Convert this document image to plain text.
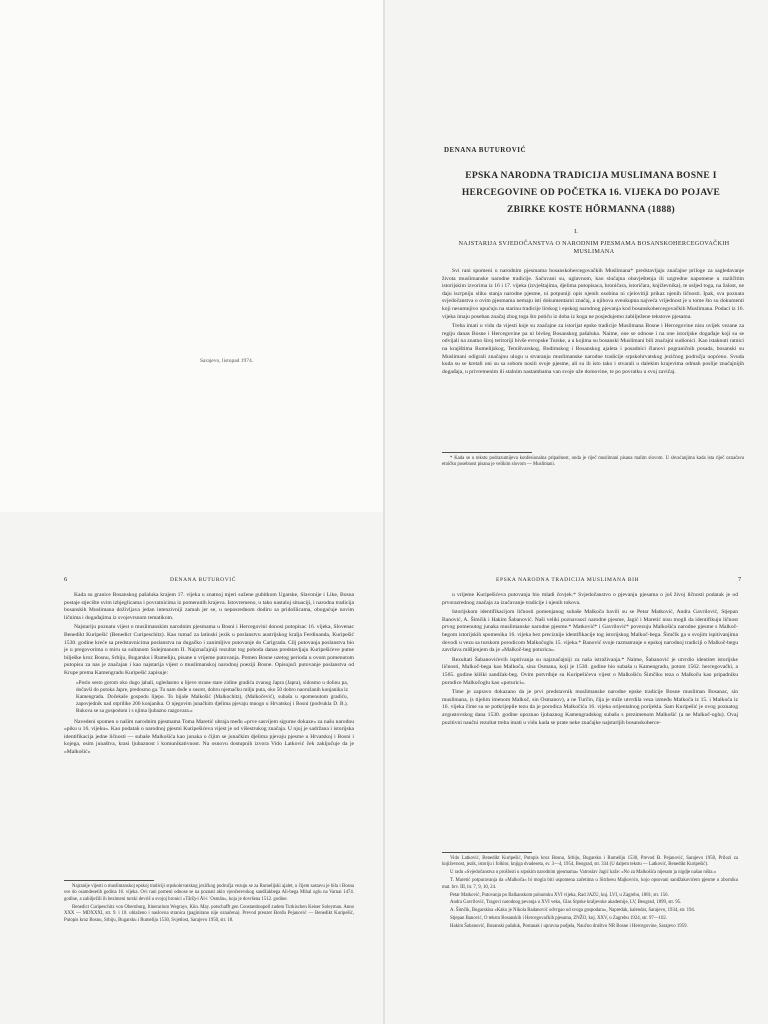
Sarajevo, listopad 1974.
DENANA BUTUROVIĆ
EPSKA NARODNA TRADICIJA MUSLIMANA BOSNE I HERCEGOVINE OD POČETKA 16. VIJEKA DO POJAVE ZBIRKE KOSTE HÖRMANNA (1888)
I.
NAJSTARIJA SVJEDOČANSTVA O NARODNIM PJESMAMA BOSANSKOHERCEGOVAČKIH MUSLIMANA

Svi rani spomeni o narodnim pjesmama bosanskohercegovačkih Muslimana* predstavljaju značajne priloge za sagledavanje života muslimanske narodne tradicije. Sačuvani su, uglavnom, kao slučajna obavještenja ili uzgredne napomene u različitim istorijskim izvorima iz 16 i 17. vijeka (izvještajima, djelima putopisaca, hroničara, istoričara, književnika), te usljed toga, na žalost, ne daju iscrpniju sliku stanja narodne pjesme, ni potpuniji opis njenih osobina ni cjelovitiji prikaz njenih ličnosti. Ipak, sva poznata svjedočanstva o ovim pjesmama nemaju isti dokumentarni značaj, a njihova sveukupna najveća vrijednost je u tome što su dokumenti koji nesumnjivo upućuju na starinu tradicije lirskog i epskog narodnog pjevanja kod bosanskohercegovačkih Muslimana. Podaci iz 16. vijeka imaju poseban značaj zbog toga što potiču iz doba iz koga ne posjedujemo zabilježene tekstove pjesama.

Treba imati u vidu da vijesti koje su značajne za istorijat epske tradicije Muslimana Bosne i Hercegovine nisu uvijek vezane za regiju danas Bosne i Hercegovine pa ni bivšeg Bosanskog pašaluka. Naime, one se odnose i na one istorijske događaje koji su se odvijali na znatno široj teritoriji bivše evropske Turske, a u kojima su bosanski Muslimani bili značajni sudionici. Kao istaknuti ratnici na krajištima Rumelijskog, Temišvarskog, Budimskog i Bosanskog ajaleta i posadnici članovi pograničnih posada, bosanski su Muslimani odigrali značajnu ulogu u stvaranju muslimanske narodne tradicije srpskohrvatskog jezičnog područja uopćeno. Svuda kuda su se kretali oni su sa sobom nosili svoje pjesme, ali su ih isto tako i stvarali u dalekim krajevima odmah poslije značajnijih događaja, u privremenim ili stalnim nastambama van svoje uže domovine, te po povratku u svoj zavičaj.

* Kada se u tekstu podrazumijeva konfesionalna pripadnost, onda je riječ muslimani pisana malim slovom. U shvaćanjima kada ista riječ označava etničku posebnost pisana je velikim slovom — Muslimani.

6	DENANA BUTUROVIĆ

Kada su granice Bosanskog pašaluka krajem 17. vijeka u znatnoj mjeri sužene gubitkom Ugarske, Slavonije i Like, Bosna postaje stjecište svim izbjeglicama i povratnicima iz pomenutih krajeva. Istovremeno, u tako nastaloj situaciji, i narodna tradicija bosanskih Muslimana doživljava jedan intenzivniji zamah jer se, u neposrednom dodiru sa pridošlicama, obogaćuje novim ličnima i događajima iz svojevrsnom tematikom.

Najstariju poznatu vijest o muslimanskim narodnim pjesmama u Bosni i Hercegovini donosi putopisac 16. vijeka, Slovenac Benedikt Kuripešić (Benedict Curipeschitz). Kao tumač za latinski jezik u poslanstvu austrijskog kralja Ferdinanda, Kuripešić 1530. godine kreće sa predstavnicima poslanstva na dugačko i zanimljivo putovanje do Carigrada. Cilj putovanja poslanstva bio je u pregovorima o miru sa sultanom Sulejmanom II. Najznačajniji rezultat tog pohoda danas predstavljaju Kuripešićeve putne bilješke kroz Bosnu, Srbiju, Bugarsku i Rumeliju, pisane u vrijeme putovanja. Pomen Bosne uzetog perioda u ovom pomenutom putopisu za nas je značajan i kao najstarija vijest o muslimanskoj narodnoj poeziji Bosne. Opisujući putovanje poslanstva od Krupe prema Kamengradu Kuripešić zapisuje:

»Poslo sesto gorom oko dugo jahali, ugledasmo u lijeve strane stare zidine gradića zvanog Japra (Japra), sidosmo u dolinu pa, dočavši do potoka Japre, predosmo ga. Tu nam dođe u susret, dobru njemačku milju puta, oko 50 dobro naoružanih konjanika iz Kamengrada. Dočekaše gospodu lijepo. To bijaše Malkošić (Malkochitz), (Malkočević), subaša u spomenutom gradiću, zapovjednik nad otprilike 200 konjanika. O njegovim junačkim djelima pjevaju mnogo u Hrvatskoj i Bosni (podvukla D. B.). Rukova se sa gospodom i s njima ljubazno razgovara.«

Navedeni spomen o našim narodnim pjesmama Toma Maretić ubraja među »prve sasvijem sigurne dokaze« za našu narodnu »piku u 16. vijeku«. Kao podatak o narodnoj pjesmi Kuripešićeva vijest je od višestrukog značaja. U njoj je sadržana i istorijska identifikacija jedne ličnosti — subaše Malkošića kao junaka o čijim se junačkim djelima pjevaju pjesme u Hrvatskoj i Bosni i kojega, osim junaštva, krasi ljubaznost i komunikativnost. Na osnovu dostupnih izvora Vido Latković ček zaključuje da je »Malkošić«

Najranije vijesti o muslimanskoj epskoj tradiciji srpskohrvatskog jezičkog područja vezuju se za Rumelijski ajalet, u čijem sastavu je bila i Bosna sve do osamdesetih godina 16. vijeka. Ovi rani pomeni odnose se na poznati akin vjenčerevskog sandžakbega Ali-bega Mihal oglu na Varnai 1474. godine, a zabilježili ih bezimeni turski devriš u svojoj hronici »Tārīḫ-i Āl-i ʿOsmān«, koja je dovršena 1512. godine.

Benedict Curipeschitz von Obernburg, Itinerarium Wegrays, Kün. May. potschafft gen Constantinopell zudem Turkischen Keiser Soleyman. Anno XXX — MDXXXI, str. 9. i 10. ublaženo i naslovna stranica (paginirano nije označena). Prevod preuzet Đorđu Pejanović — Benedikt Kuripešić, Putopis kroz Bosnu, Srbiju, Bugarsku i Rumeliju 1530, Svjetlost, Sarajevo 1950, str. 18.

EPSKA NARODNA TRADICIJA MUSLIMANA BIH	7

u vrijeme Kuripešićeva putovanja bio mladi čovjek.* Svjedočanstvo o pjevanju pjesama o još živoj ličnosti podatak je od prvorazrednog značaja za izučavanje tradicije i njenih tokova.

Istorijskom identifikacijom ličnosti pomenjanog subaše Malkoča bavili su se Petar Matković, Andra Gavrilović, Stjepan Banović, A. Šimčik i Hakim Šabanović. Naši veliki poznavaoci narodne pjesme, Jagić i Maretić nisu mogli da identifikuju ličnost prvog pomenutog junaka muslimanske narodne pjesme.* Matković* i Gavrilović* povezuju Malkošića narodne pjesme s Malkoč-begom istorijskih spomenika 16. vijeka bez preciznije identifikacije tog istorijskog Malkoč-bega. Šimčik ga u svojim ispitivanjima dovodi u vezu sa turskom porodicom Malkočoglu 15. vijeka.* Banović svoje razmatranje o epskoj narodnoj tradiciji o Malkoč-begu završava mišljenjem da je »Malkoč-beg poturica«.

Rezultati Šabanovićevih ispitivanja su najznačajniji za naša istraživanja.* Naime, Šabanović je utvrdio identitet istorijske ličnosti, Malkoč-bega kao Malkoča, sina Osmana, koji je 1530. godine bio subaša u Kamengradu, potom 1562. hercegovački, a 1565. godine kliški sandžak-beg. Ovim potvrđuje su Kuripešićeva vijest o Malkošiću Šimčiku teza o Malkoču kao pripadniku porodice Malkočoglu kao »poturici«.

Time je zapravo dokazano da je prvi predstavnik muslimanske narodne epske tradicije Bosne musliman Bosanac, sin muslimana, (s tijelim imenom Malkoč, sin Osmanov), a ne Turčin, čija je miže utvrdila veza između Malkoča iz 15. i Malkoča iz 16. vijeka čime su se potkrijepile tezu da je porodica Malkočića 16. vijeka orijentalnog porijekla. Sam Kuripešić je ovog poznatog avgustovskog dana 1530. godine upoznao ljubaznog Kamengradskog subašu s prezimenom Malkošić (a ne Malkoč-oglu). Ovaj pozitivni naučni rezultat treba imati u vidu kada se prate neke značajke najstarijih bosanskoherce-

Vido Latković, Benedikt Kuripešić, Putopis kroz Bosnu, Srbiju, Bugarsku i Rumeliju 1530, Prevod Đ. Pejanović, Sarajevo 1950, Prilozi za književnost, jezik, istoriju i folklor, knjiga dvadeseta, sv. 3—4, 1954, Beograd, str. 334 (U daljem tekstu — Latković, Benedikt Kuripešić).

U radu »Svjedočanstva o prošlosti u srpskim narodnim pjesmama« Vatroslav Jagić kaže: »No za Malkošića nijesam ja nigdje našao ništa.«

T. Maretić potpuravanja da »Malkoča« bi mogla biti uspomena začetima u Sitchesu Majkovićo, kojo opsovani sandžakovićem pjesme u zborniku mat. brv. III, br. 7, 9, 10, 24.

Petar Matković, Putovanja po Balkanskom poluotoku XVI vijeka, Rad JAZU, knj. LVI, u Zagrebu, 1881, str. 156.

Andra Gavrilović, Tragovi narodnog pevanja u XVI veku, Glas Srpske kraljevske akademije, LV, Beograd, 1899, str. 95.

A. Šimčik, Bugarskisa »Kako je Nikola Radanović odvrgao od svoga gospodara«, Napredak, kalendar, Sarajevo, 1934, str. 194.

Stjepan Banović, O tekstu Bosanskih i Hercegovačkih pjesama, ZNŽO, knj. XXV, u Zagrebu 1924, str. 97—102.

Hakim Šabanović, Bosanski pašaluk, Postanak i upravna podjela, Naučno društvo NR Bosne i Hercegovine, Sarajevo 1959.
